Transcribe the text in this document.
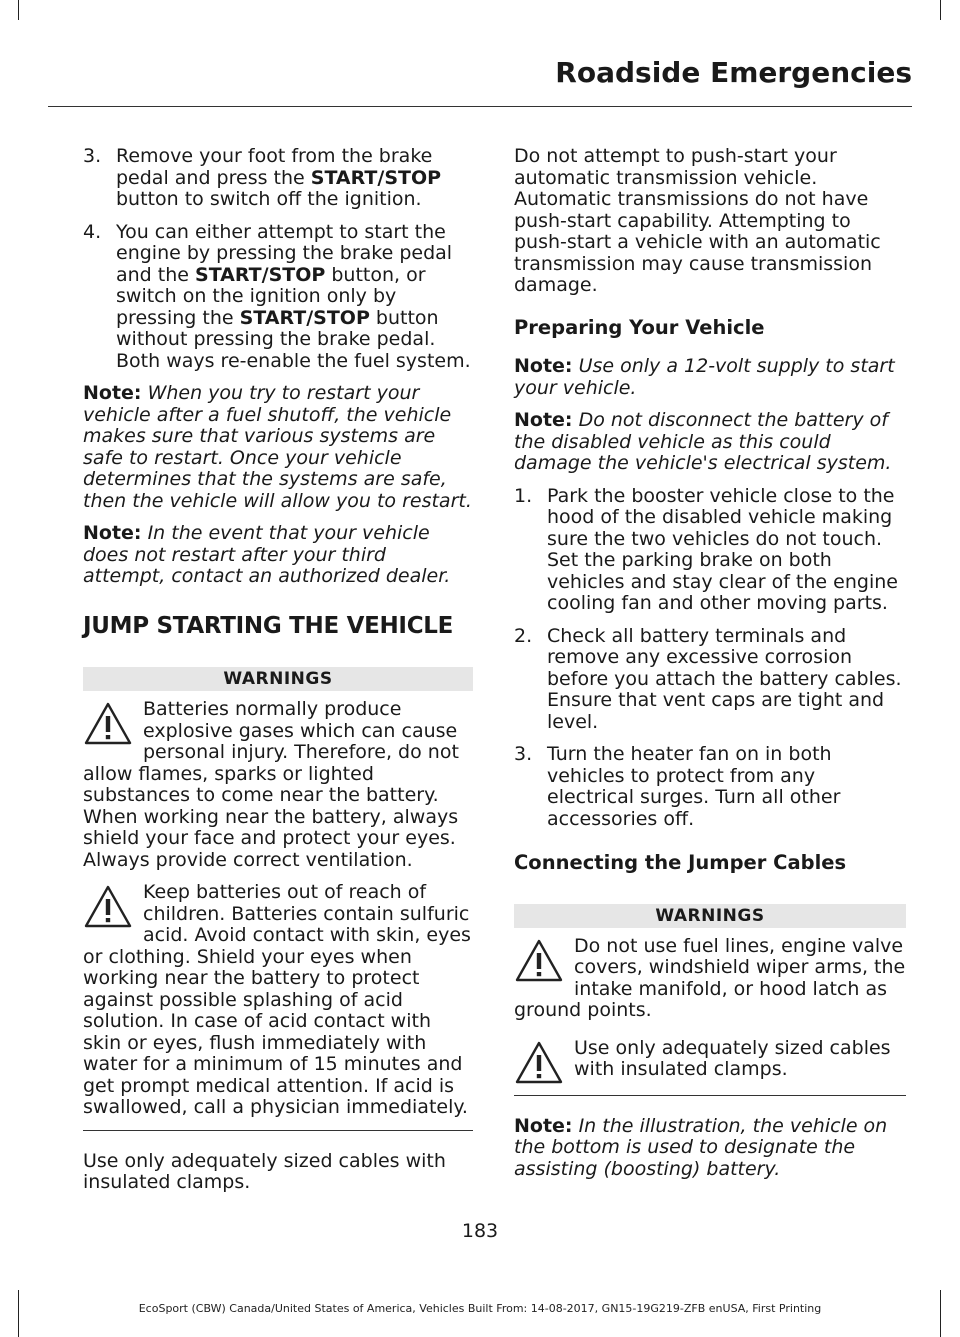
Roadside Emergencies
3. Remove your foot from the brake pedal and press the START/STOP button to switch off the ignition.
4. You can either attempt to start the engine by pressing the brake pedal and the START/STOP button, or switch on the ignition only by pressing the START/STOP button without pressing the brake pedal. Both ways re-enable the fuel system.

Note: When you try to restart your vehicle after a fuel shutoff, the vehicle makes sure that various systems are safe to restart. Once your vehicle determines that the systems are safe, then the vehicle will allow you to restart.

Note: In the event that your vehicle does not restart after your third attempt, contact an authorized dealer.

JUMP STARTING THE VEHICLE
WARNINGS
Batteries normally produce explosive gases which can cause personal injury. Therefore, do not allow flames, sparks or lighted substances to come near the battery. When working near the battery, always shield your face and protect your eyes. Always provide correct ventilation.
Keep batteries out of reach of children. Batteries contain sulfuric acid. Avoid contact with skin, eyes or clothing. Shield your eyes when working near the battery to protect against possible splashing of acid solution. In case of acid contact with skin or eyes, flush immediately with water for a minimum of 15 minutes and get prompt medical attention. If acid is swallowed, call a physician immediately.

Use only adequately sized cables with insulated clamps.

Do not attempt to push-start your automatic transmission vehicle. Automatic transmissions do not have push-start capability. Attempting to push-start a vehicle with an automatic transmission may cause transmission damage.

Preparing Your Vehicle

Note: Use only a 12-volt supply to start your vehicle.

Note: Do not disconnect the battery of the disabled vehicle as this could damage the vehicle's electrical system.

1. Park the booster vehicle close to the hood of the disabled vehicle making sure the two vehicles do not touch. Set the parking brake on both vehicles and stay clear of the engine cooling fan and other moving parts.
2. Check all battery terminals and remove any excessive corrosion before you attach the battery cables. Ensure that vent caps are tight and level.
3. Turn the heater fan on in both vehicles to protect from any electrical surges. Turn all other accessories off.
Connecting the Jumper Cables
WARNINGS
Do not use fuel lines, engine valve covers, windshield wiper arms, the intake manifold, or hood latch as ground points.
Use only adequately sized cables with insulated clamps.

Note: In the illustration, the vehicle on the bottom is used to designate the assisting (boosting) battery.

183
EcoSport (CBW) Canada/United States of America, Vehicles Built From: 14-08-2017, GN15-19G219-ZFB enUSA, First Printing
